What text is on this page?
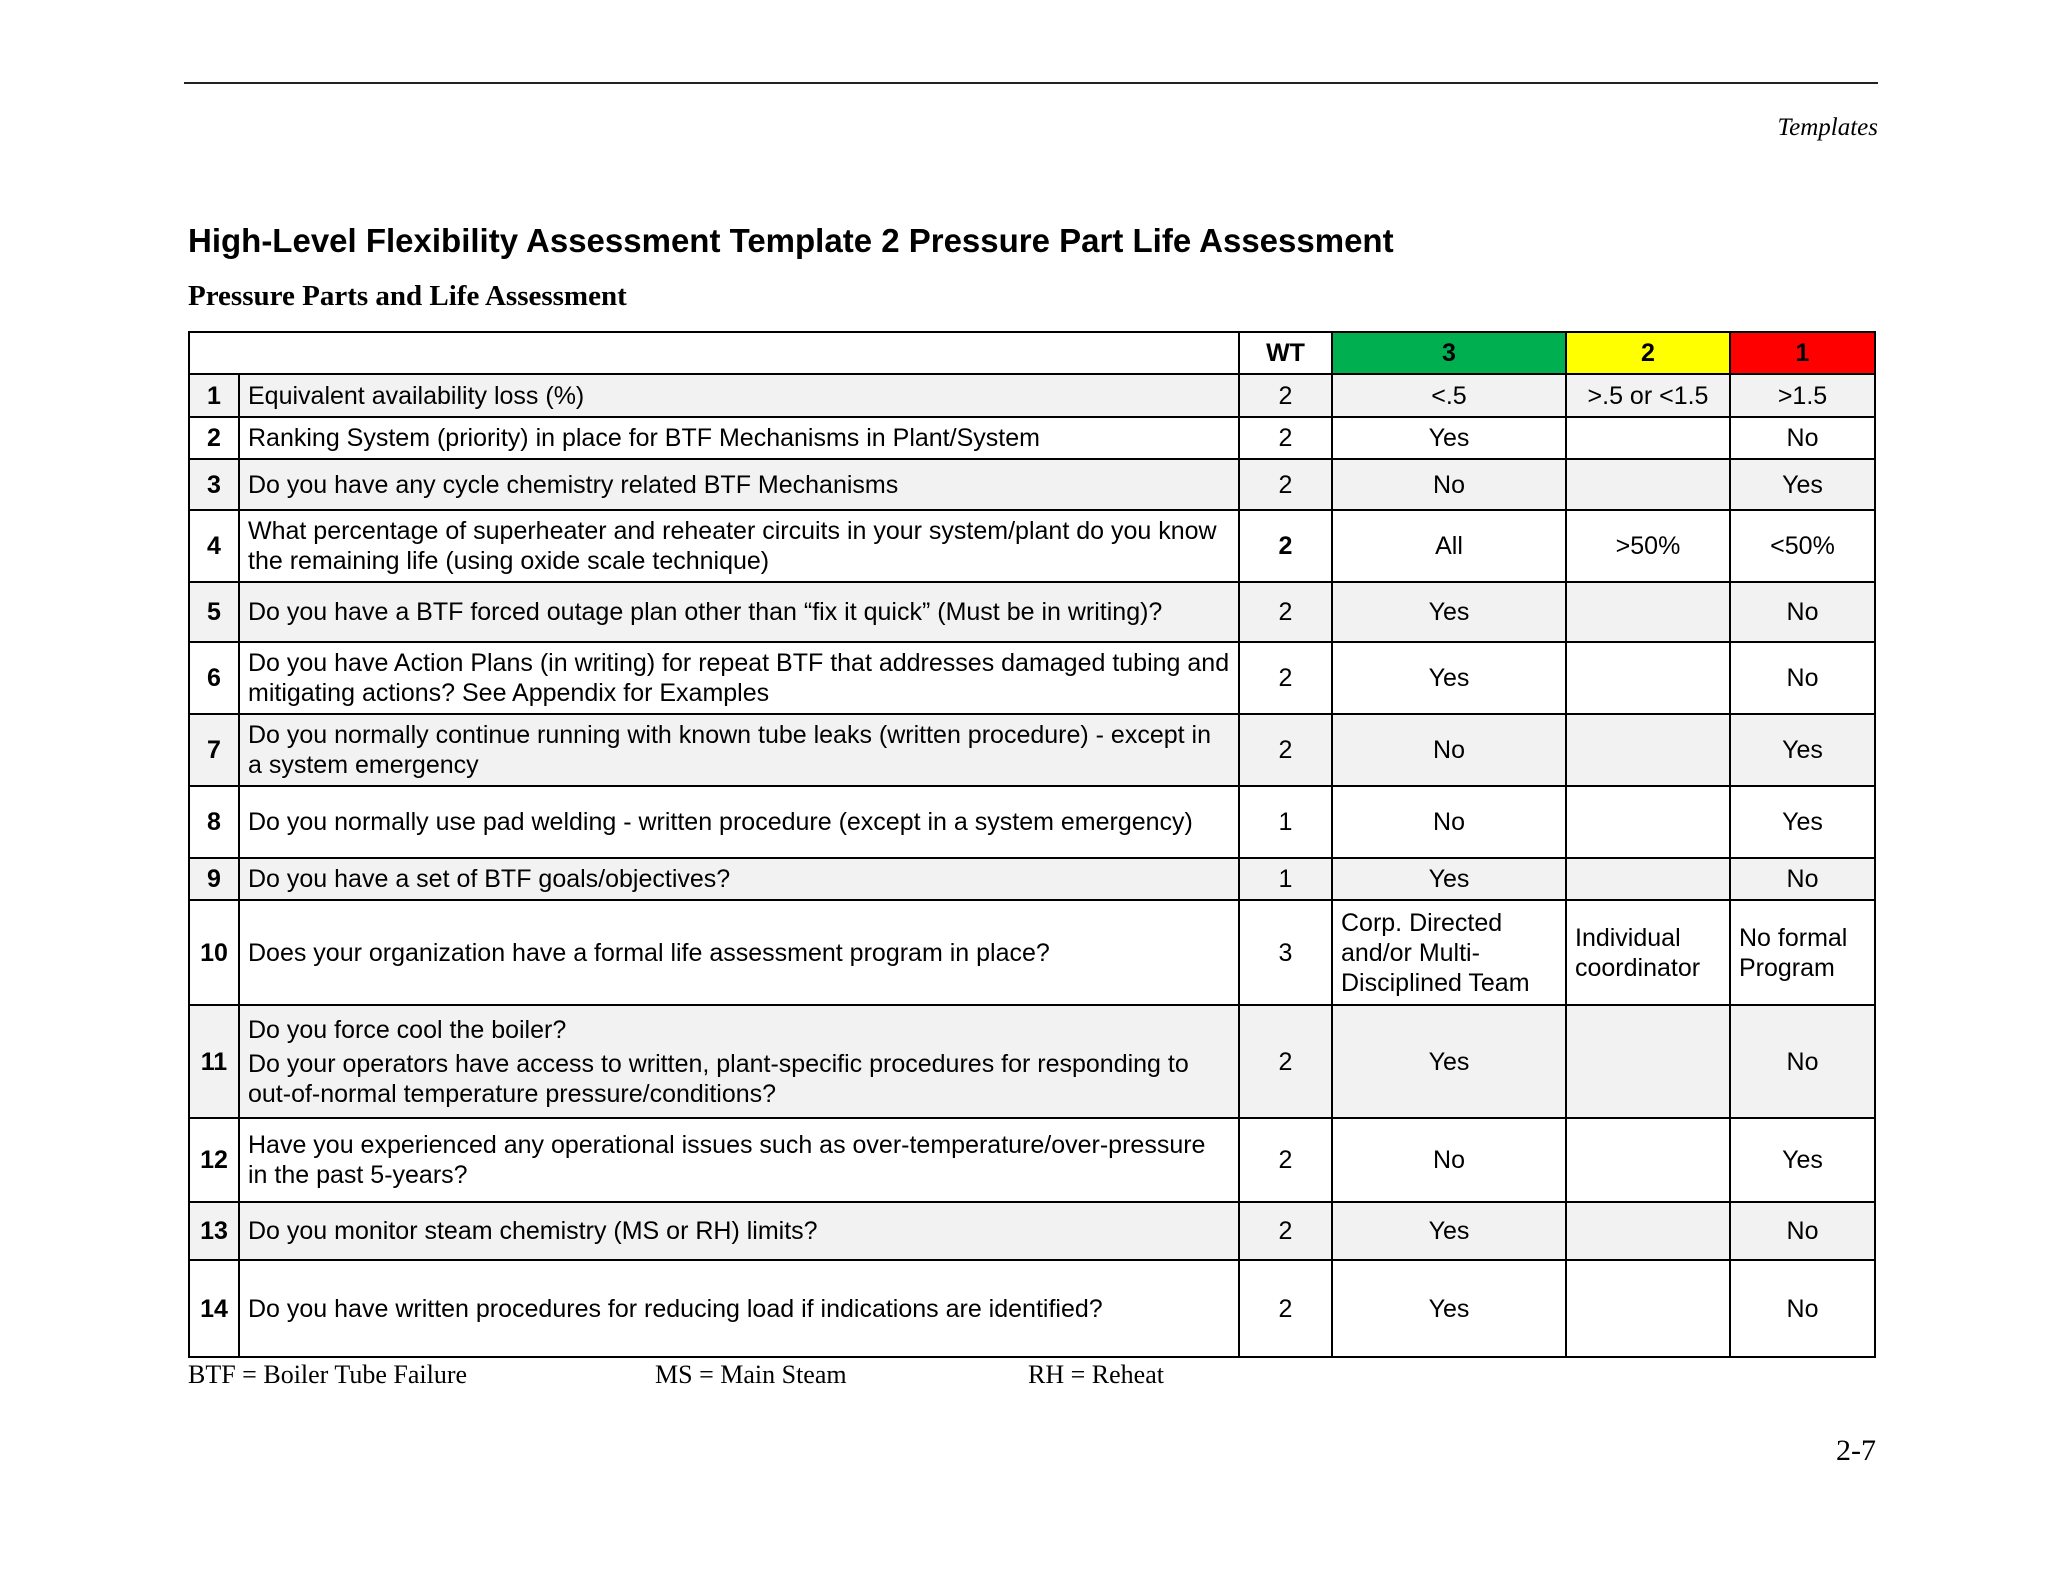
Templates
High-Level Flexibility Assessment Template 2 Pressure Part Life Assessment
Pressure Parts and Life Assessment
		WT	3	2	1
1	Equivalent availability loss (%)	2	<.5	>.5 or <1.5	>1.5
2	Ranking System (priority) in place for BTF Mechanisms in Plant/System	2	Yes		No
3	Do you have any cycle chemistry related BTF Mechanisms	2	No		Yes
4	What percentage of superheater and reheater circuits in your system/plant do you know the remaining life (using oxide scale technique)	2	All	>50%	<50%
5	Do you have a BTF forced outage plan other than “fix it quick” (Must be in writing)?	2	Yes		No
6	Do you have Action Plans (in writing) for repeat BTF that addresses damaged tubing and mitigating actions? See Appendix for Examples	2	Yes		No
7	Do you normally continue running with known tube leaks (written procedure) - except in a system emergency	2	No		Yes
8	Do you normally use pad welding - written procedure (except in a system emergency)	1	No		Yes
9	Do you have a set of BTF goals/objectives?	1	Yes		No
10	Does your organization have a formal life assessment program in place?	3	Corp. Directed and/or Multi-Disciplined Team	Individual coordinator	No formal Program
11	Do you force cool the boiler?
Do your operators have access to written, plant-specific procedures for responding to out-of-normal temperature pressure/conditions?	2	Yes		No
12	Have you experienced any operational issues such as over-temperature/over-pressure in the past 5-years?	2	No		Yes
13	Do you monitor steam chemistry (MS or RH) limits?	2	Yes		No
14	Do you have written procedures for reducing load if indications are identified?	2	Yes		No
BTF = Boiler Tube Failure	MS = Main Steam	RH = Reheat
2-7
